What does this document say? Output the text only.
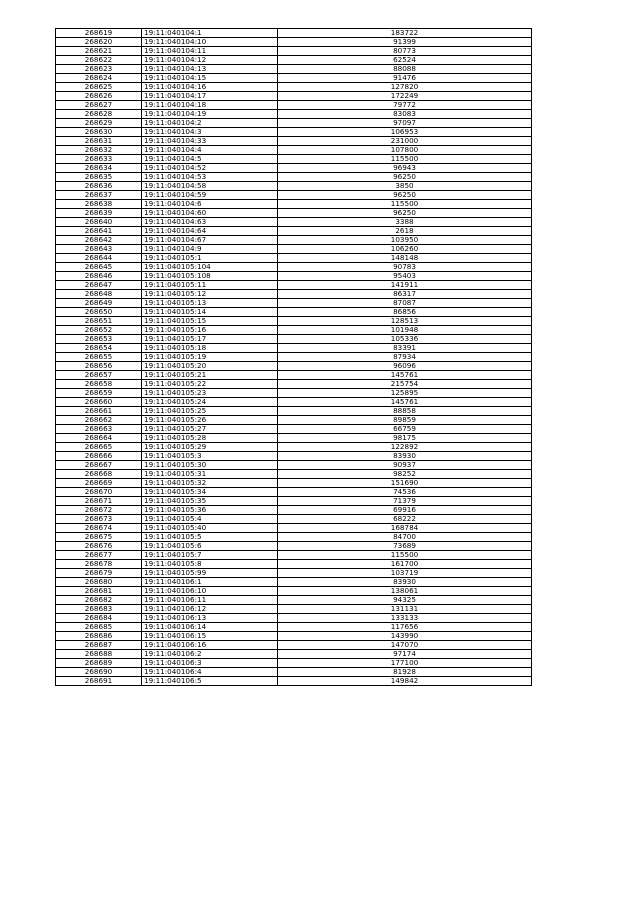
268619	19:11:040104:1	183722
268620	19:11:040104:10	91399
268621	19:11:040104:11	80773
268622	19:11:040104:12	62524
268623	19:11:040104:13	88088
268624	19:11:040104:15	91476
268625	19:11:040104:16	127820
268626	19:11:040104:17	172249
268627	19:11:040104:18	79772
268628	19:11:040104:19	83083
268629	19:11:040104:2	97097
268630	19:11:040104:3	106953
268631	19:11:040104:33	231000
268632	19:11:040104:4	107800
268633	19:11:040104:5	115500
268634	19:11:040104:52	96943
268635	19:11:040104:53	96250
268636	19:11:040104:58	3850
268637	19:11:040104:59	96250
268638	19:11:040104:6	115500
268639	19:11:040104:60	96250
268640	19:11:040104:63	3388
268641	19:11:040104:64	2618
268642	19:11:040104:67	103950
268643	19:11:040104:9	106260
268644	19:11:040105:1	148148
268645	19:11:040105:104	90783
268646	19:11:040105:108	95403
268647	19:11:040105:11	141911
268648	19:11:040105:12	86317
268649	19:11:040105:13	87087
268650	19:11:040105:14	86856
268651	19:11:040105:15	128513
268652	19:11:040105:16	101948
268653	19:11:040105:17	105336
268654	19:11:040105:18	83391
268655	19:11:040105:19	87934
268656	19:11:040105:20	96096
268657	19:11:040105:21	145761
268658	19:11:040105:22	215754
268659	19:11:040105:23	125895
268660	19:11:040105:24	145761
268661	19:11:040105:25	88858
268662	19:11:040105:26	89859
268663	19:11:040105:27	66759
268664	19:11:040105:28	98175
268665	19:11:040105:29	122892
268666	19:11:040105:3	83930
268667	19:11:040105:30	90937
268668	19:11:040105:31	98252
268669	19:11:040105:32	151690
268670	19:11:040105:34	74536
268671	19:11:040105:35	71379
268672	19:11:040105:36	69916
268673	19:11:040105:4	68222
268674	19:11:040105:40	168784
268675	19:11:040105:5	84700
268676	19:11:040105:6	73689
268677	19:11:040105:7	115500
268678	19:11:040105:8	161700
268679	19:11:040105:99	103719
268680	19:11:040106:1	83930
268681	19:11:040106:10	138061
268682	19:11:040106:11	94325
268683	19:11:040106:12	131131
268684	19:11:040106:13	133133
268685	19:11:040106:14	117656
268686	19:11:040106:15	143990
268687	19:11:040106:16	147070
268688	19:11:040106:2	97174
268689	19:11:040106:3	177100
268690	19:11:040106:4	81928
268691	19:11:040106:5	149842
